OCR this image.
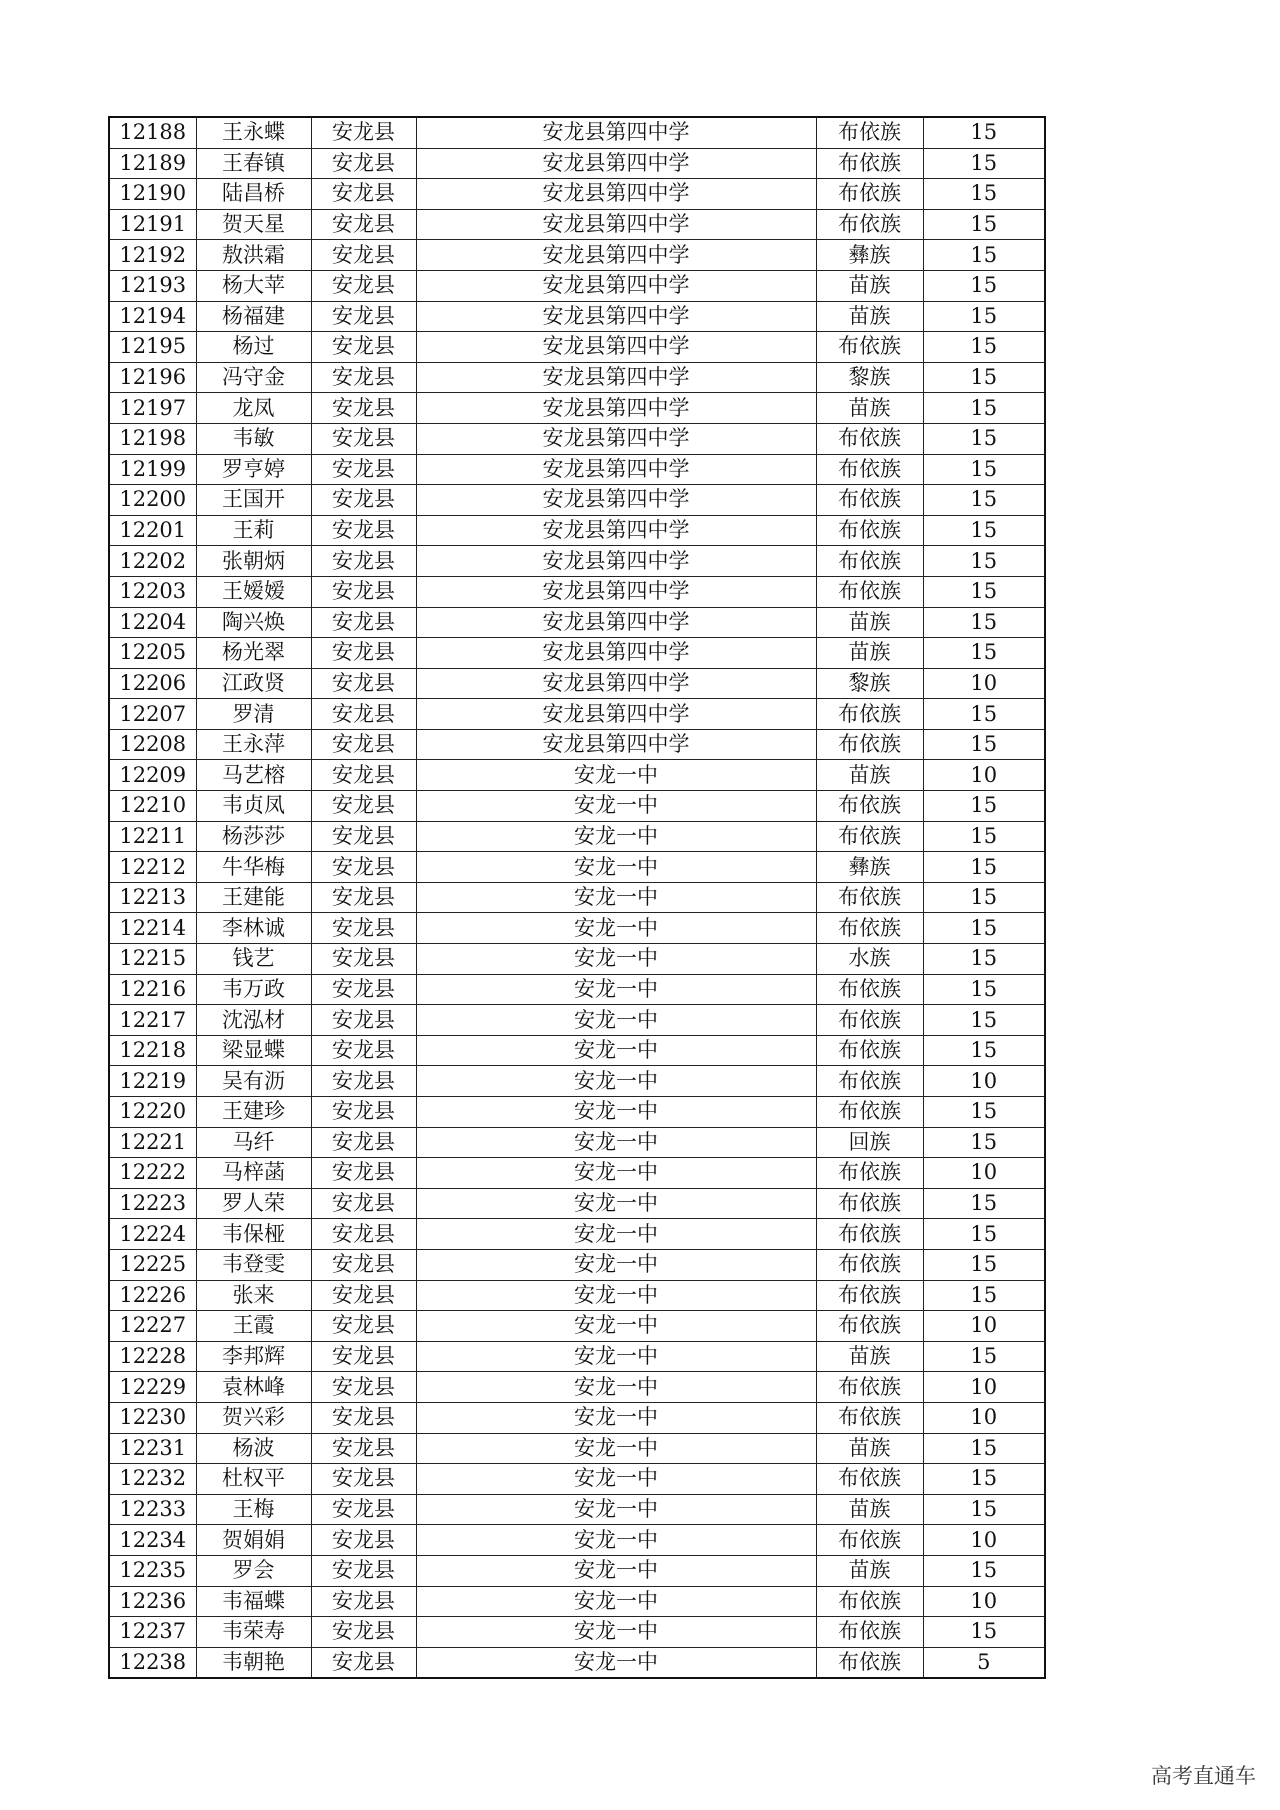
12188	王永蝶	安龙县	安龙县第四中学	布依族	15
12189	王春镇	安龙县	安龙县第四中学	布依族	15
12190	陆昌桥	安龙县	安龙县第四中学	布依族	15
12191	贺天星	安龙县	安龙县第四中学	布依族	15
12192	敖洪霜	安龙县	安龙县第四中学	彝族	15
12193	杨大苹	安龙县	安龙县第四中学	苗族	15
12194	杨福建	安龙县	安龙县第四中学	苗族	15
12195	杨过	安龙县	安龙县第四中学	布依族	15
12196	冯守金	安龙县	安龙县第四中学	黎族	15
12197	龙凤	安龙县	安龙县第四中学	苗族	15
12198	韦敏	安龙县	安龙县第四中学	布依族	15
12199	罗亨婷	安龙县	安龙县第四中学	布依族	15
12200	王国开	安龙县	安龙县第四中学	布依族	15
12201	王莉	安龙县	安龙县第四中学	布依族	15
12202	张朝炳	安龙县	安龙县第四中学	布依族	15
12203	王嫒嫒	安龙县	安龙县第四中学	布依族	15
12204	陶兴焕	安龙县	安龙县第四中学	苗族	15
12205	杨光翠	安龙县	安龙县第四中学	苗族	15
12206	江政贤	安龙县	安龙县第四中学	黎族	10
12207	罗清	安龙县	安龙县第四中学	布依族	15
12208	王永萍	安龙县	安龙县第四中学	布依族	15
12209	马艺榕	安龙县	安龙一中	苗族	10
12210	韦贞凤	安龙县	安龙一中	布依族	15
12211	杨莎莎	安龙县	安龙一中	布依族	15
12212	牛华梅	安龙县	安龙一中	彝族	15
12213	王建能	安龙县	安龙一中	布依族	15
12214	李林诚	安龙县	安龙一中	布依族	15
12215	钱艺	安龙县	安龙一中	水族	15
12216	韦万政	安龙县	安龙一中	布依族	15
12217	沈泓材	安龙县	安龙一中	布依族	15
12218	梁显蝶	安龙县	安龙一中	布依族	15
12219	吴有沥	安龙县	安龙一中	布依族	10
12220	王建珍	安龙县	安龙一中	布依族	15
12221	马纤	安龙县	安龙一中	回族	15
12222	马梓菡	安龙县	安龙一中	布依族	10
12223	罗人荣	安龙县	安龙一中	布依族	15
12224	韦保桠	安龙县	安龙一中	布依族	15
12225	韦登雯	安龙县	安龙一中	布依族	15
12226	张来	安龙县	安龙一中	布依族	15
12227	王霞	安龙县	安龙一中	布依族	10
12228	李邦辉	安龙县	安龙一中	苗族	15
12229	袁林峰	安龙县	安龙一中	布依族	10
12230	贺兴彩	安龙县	安龙一中	布依族	10
12231	杨波	安龙县	安龙一中	苗族	15
12232	杜权平	安龙县	安龙一中	布依族	15
12233	王梅	安龙县	安龙一中	苗族	15
12234	贺娟娟	安龙县	安龙一中	布依族	10
12235	罗会	安龙县	安龙一中	苗族	15
12236	韦福蝶	安龙县	安龙一中	布依族	10
12237	韦荣寿	安龙县	安龙一中	布依族	15
12238	韦朝艳	安龙县	安龙一中	布依族	5
高考直通车
